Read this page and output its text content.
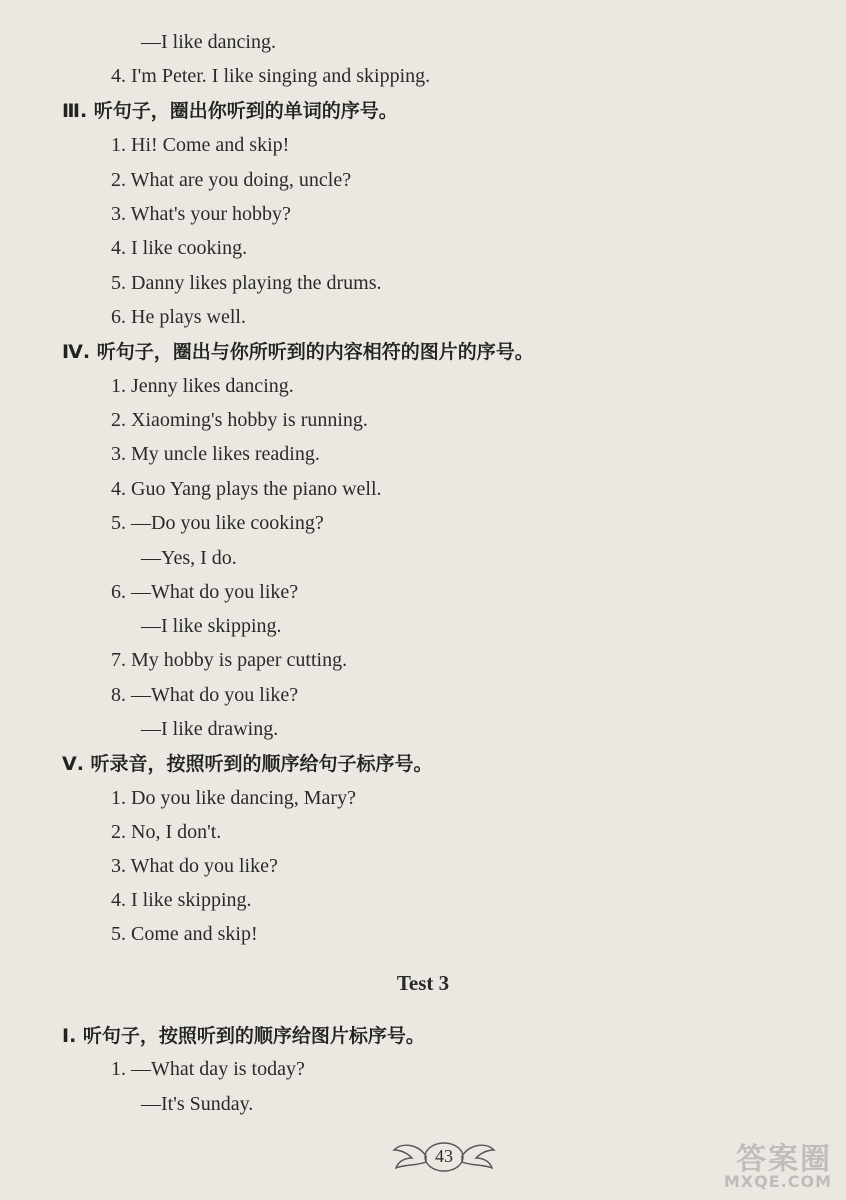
—I like dancing.
4. I'm Peter. I like singing and skipping.
Ⅲ. 听句子，圈出你听到的单词的序号。
1. Hi! Come and skip!
2. What are you doing, uncle?
3. What's your hobby?
4. I like cooking.
5. Danny likes playing the drums.
6. He plays well.
Ⅳ. 听句子，圈出与你所听到的内容相符的图片的序号。
1. Jenny likes dancing.
2. Xiaoming's hobby is running.
3. My uncle likes reading.
4. Guo Yang plays the piano well.
5. —Do you like cooking?
—Yes, I do.
6. —What do you like?
—I like skipping.
7. My hobby is paper cutting.
8. —What do you like?
—I like drawing.
Ⅴ. 听录音，按照听到的顺序给句子标序号。
1. Do you like dancing, Mary?
2. No, I don't.
3. What do you like?
4. I like skipping.
5. Come and skip!
Test 3
Ⅰ. 听句子，按照听到的顺序给图片标序号。
1. —What day is today?
—It's Sunday.
43	答案圈
MXQE.COM
